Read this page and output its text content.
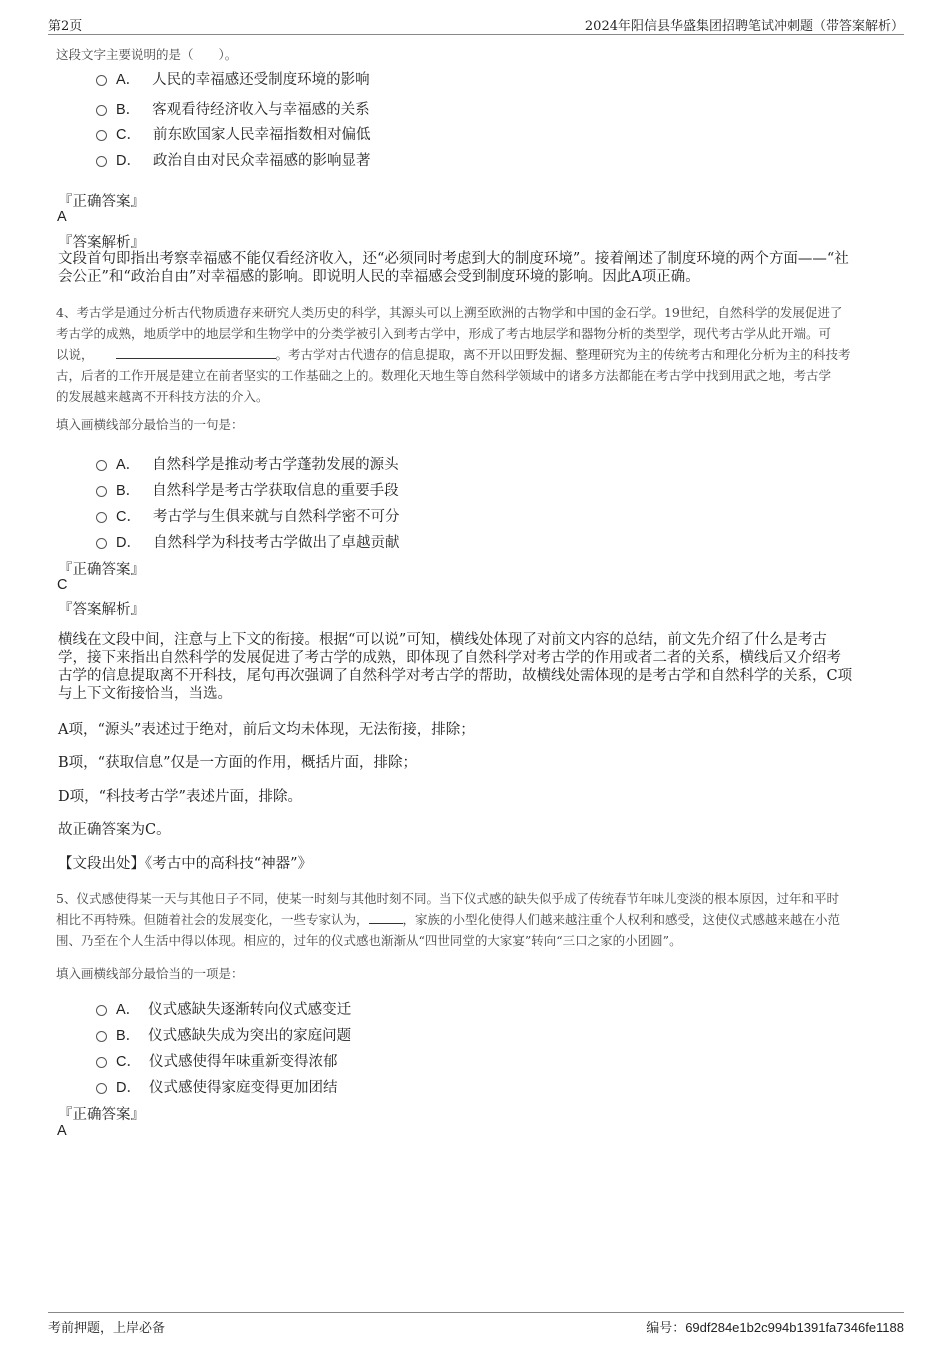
第2页	2024年阳信县华盛集团招聘笔试冲刺题（带答案解析）
这段文字主要说明的是（　　）。
A． 人民的幸福感还受制度环境的影响
B． 客观看待经济收入与幸福感的关系
C． 前东欧国家人民幸福指数相对偏低
D． 政治自由对民众幸福感的影响显著
『正确答案』
A
『答案解析』
文段首句即指出考察幸福感不能仅看经济收入，还“必须同时考虑到大的制度环境”。接着阐述了制度环境的两个方面——“社
会公正”和“政治自由”对幸福感的影响。即说明人民的幸福感会受到制度环境的影响。因此A项正确。
4、考古学是通过分析古代物质遗存来研究人类历史的科学，其源头可以上溯至欧洲的古物学和中国的金石学。19世纪，自然科学的发展促进了
考古学的成熟，地质学中的地层学和生物学中的分类学被引入到考古学中，形成了考古地层学和器物分析的类型学，现代考古学从此开端。可
以说，	。考古学对古代遗存的信息提取，离不开以田野发掘、整理研究为主的传统考古和理化分析为主的科技考
古，后者的工作开展是建立在前者坚实的工作基础之上的。数理化天地生等自然科学领域中的诸多方法都能在考古学中找到用武之地，考古学
的发展越来越离不开科技方法的介入。
填入画横线部分最恰当的一句是：
A． 自然科学是推动考古学蓬勃发展的源头
B． 自然科学是考古学获取信息的重要手段
C． 考古学与生俱来就与自然科学密不可分
D． 自然科学为科技考古学做出了卓越贡献
『正确答案』
C
『答案解析』
横线在文段中间，注意与上下文的衔接。根据“可以说”可知，横线处体现了对前文内容的总结，前文先介绍了什么是考古
学，接下来指出自然科学的发展促进了考古学的成熟，即体现了自然科学对考古学的作用或者二者的关系，横线后又介绍考
古学的信息提取离不开科技，尾句再次强调了自然科学对考古学的帮助，故横线处需体现的是考古学和自然科学的关系，C项
与上下文衔接恰当，当选。
A项，“源头”表述过于绝对，前后文均未体现，无法衔接，排除；
B项，“获取信息”仅是一方面的作用，概括片面，排除；
D项，“科技考古学”表述片面，排除。
故正确答案为C。
【文段出处】《考古中的高科技“神器”》
5、仪式感使得某一天与其他日子不同，使某一时刻与其他时刻不同。当下仪式感的缺失似乎成了传统春节年味儿变淡的根本原因，过年和平时
相比不再特殊。但随着社会的发展变化，一些专家认为，	，家族的小型化使得人们越来越注重个人权利和感受，这使仪式感越来越在小范
围、乃至在个人生活中得以体现。相应的，过年的仪式感也渐渐从“四世同堂的大家宴”转向“三口之家的小团圆”。
填入画横线部分最恰当的一项是：
A． 仪式感缺失逐渐转向仪式感变迁
B． 仪式感缺失成为突出的家庭问题
C． 仪式感使得年味重新变得浓郁
D． 仪式感使得家庭变得更加团结
『正确答案』
A
考前押题，上岸必备	编号：69df284e1b2c994b1391fa7346fe1188
